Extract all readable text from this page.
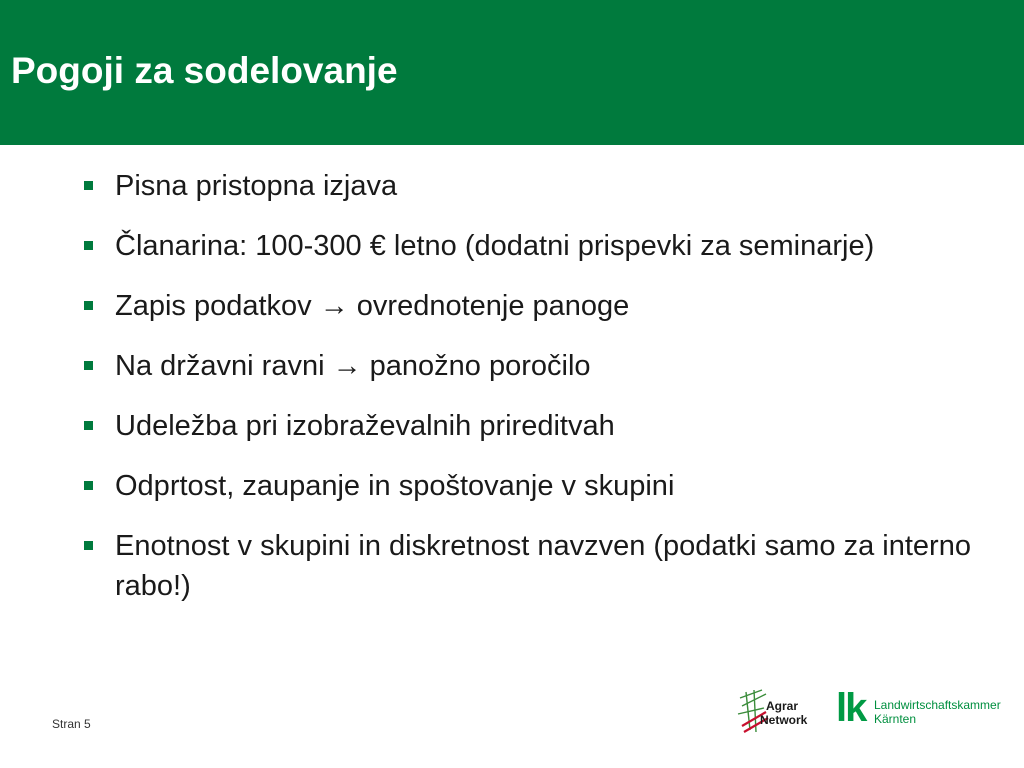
Pogoji za sodelovanje
Pisna pristopna izjava
Članarina: 100-300 € letno (dodatni prispevki za seminarje)
Zapis podatkov → ovrednotenje panoge
Na državni ravni → panožno poročilo
Udeležba pri izobraževalnih prireditvah
Odprtost, zaupanje in spoštovanje v skupini
Enotnost v skupini in diskretnost navzven (podatki samo za interno rabo!)
Stran 5
Agrar
Network lk Landwirtschaftskammer
Kärnten
